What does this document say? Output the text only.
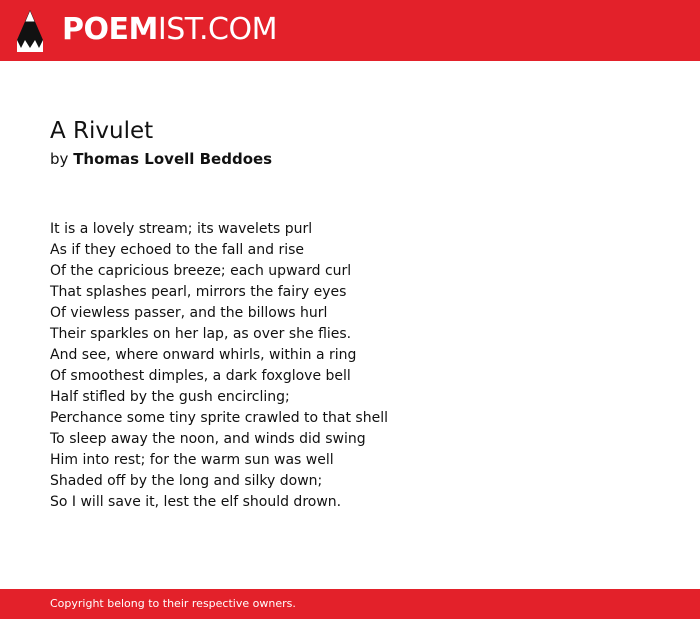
POEMIST.COM
A Rivulet
by Thomas Lovell Beddoes
It is a lovely stream; its wavelets purl
As if they echoed to the fall and rise
Of the capricious breeze; each upward curl
That splashes pearl, mirrors the fairy eyes
Of viewless passer, and the billows hurl
Their sparkles on her lap, as over she flies.
And see, where onward whirls, within a ring
Of smoothest dimples, a dark foxglove bell
Half stifled by the gush encircling;
Perchance some tiny sprite crawled to that shell
To sleep away the noon, and winds did swing
Him into rest; for the warm sun was well
Shaded off by the long and silky down;
So I will save it, lest the elf should drown.
Copyright belong to their respective owners.
